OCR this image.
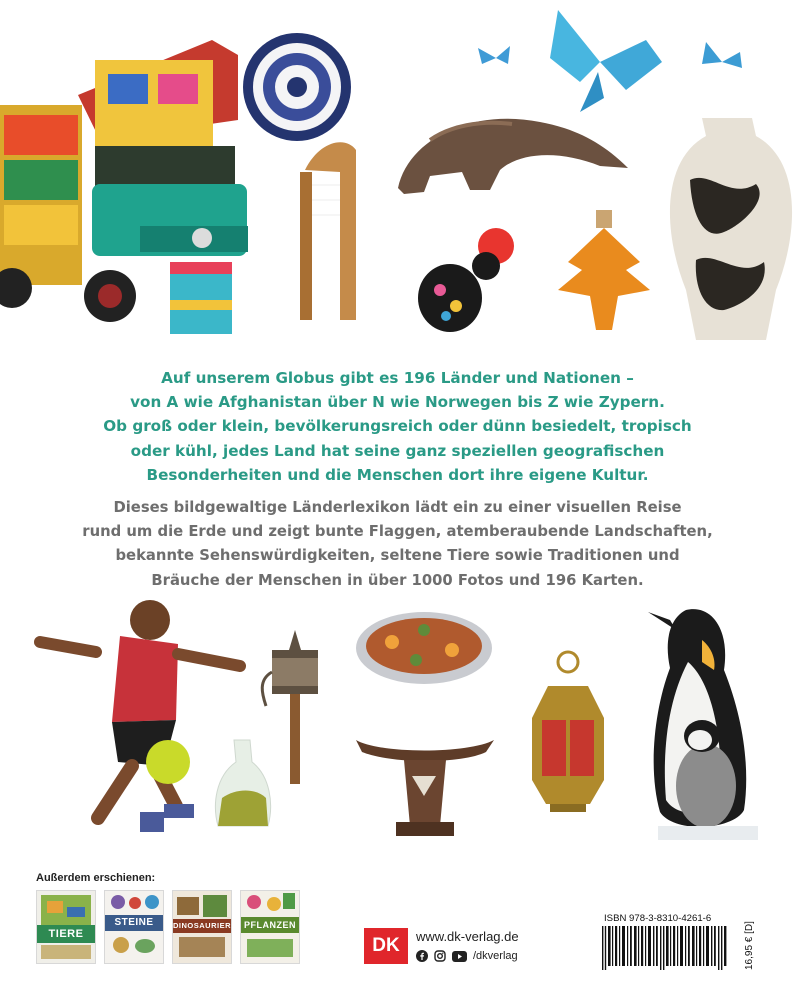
Auf unserem Globus gibt es 196 Länder und Nationen –
von A wie Afghanistan über N wie Norwegen bis Z wie Zypern.
Ob groß oder klein, bevölkerungsreich oder dünn besiedelt, tropisch
oder kühl, jedes Land hat seine ganz speziellen geografischen
Besonderheiten und die Menschen dort ihre eigene Kultur.
Dieses bildgewaltige Länderlexikon lädt ein zu einer visuellen Reise
rund um die Erde und zeigt bunte Flaggen, atemberaubende Landschaften,
bekannte Sehenswürdigkeiten, seltene Tiere sowie Traditionen und
Bräuche der Menschen in über 1000 Fotos und 196 Karten.
Außerdem erschienen:
TIERE
STEINE	DINOSAURIER	PFLANZEN
DK	www.dk-verlag.de
/dkverlag
ISBN 978-3-8310-4261-6
16,95 € [D]
